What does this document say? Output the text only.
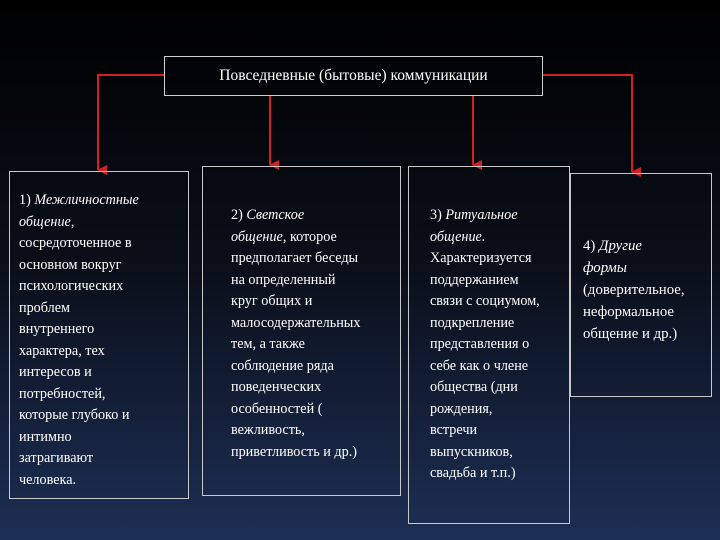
Повседневные (бытовые) коммуникации
1) Межличностные
общение,
сосредоточенное в
основном вокруг
психологических
проблем
внутреннего
характера, тех
интересов и
потребностей,
которые глубоко и
интимно
затрагивают
человека.
2) Светское
общение, которое
предполагает беседы
на определенный
круг общих и
малосодержательных
тем, а также
соблюдение ряда
поведенческих
особенностей (
вежливость,
приветливость и др.)
3) Ритуальное
общение.
Характеризуется
поддержанием
связи с социумом,
подкрепление
представления о
себе как о члене
общества (дни
рождения,
встречи
выпускников,
свадьба и т.п.)
4) Другие
формы
(доверительное,
неформальное
общение и др.)
